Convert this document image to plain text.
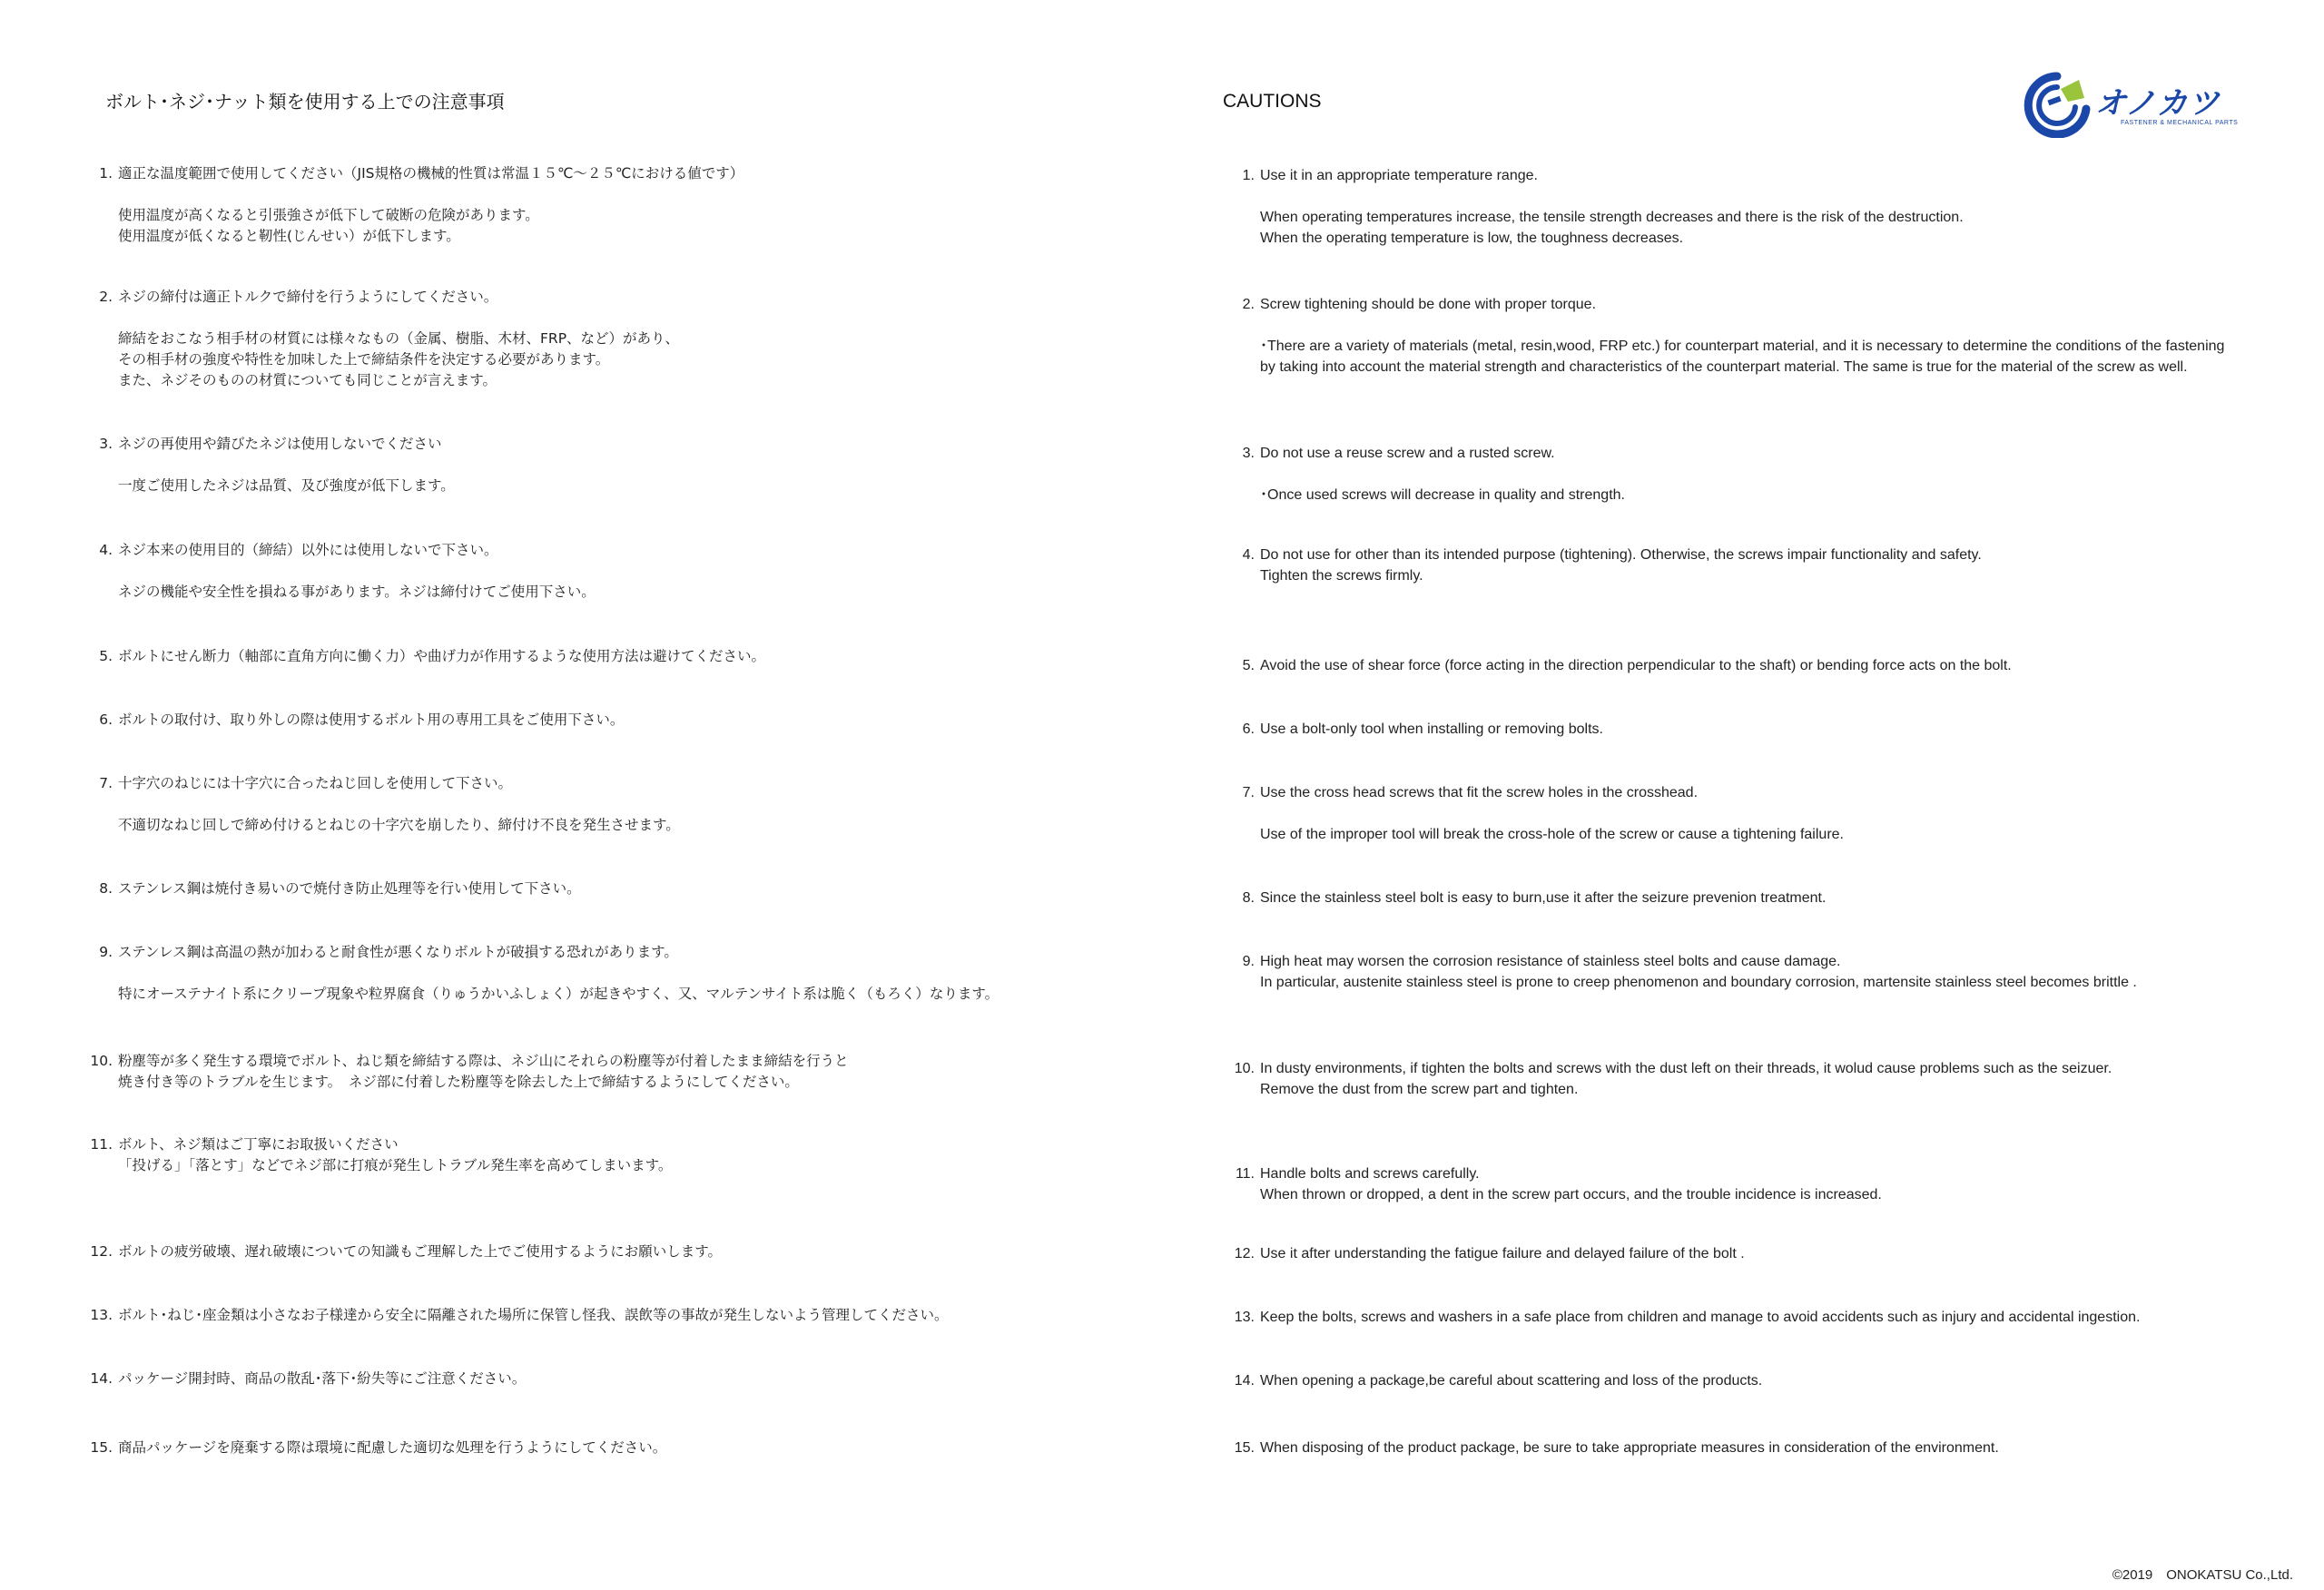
ボルト･ネジ･ナット類を使用する上での注意事項
1. 適正な温度範囲で使用してください（JIS規格の機械的性質は常温１５℃～２５℃における値です）
使用温度が高くなると引張強さが低下して破断の危険があります。
使用温度が低くなると靭性(じんせい）が低下します。
2. ネジの締付は適正トルクで締付を行うようにしてください。
締結をおこなう相手材の材質には様々なもの（金属、樹脂、木材、FRP、など）があり、
その相手材の強度や特性を加味した上で締結条件を決定する必要があります。
また、ネジそのものの材質についても同じことが言えます。
3. ネジの再使用や錆びたネジは使用しないでください
一度ご使用したネジは品質、及び強度が低下します。
4. ネジ本来の使用目的（締結）以外には使用しないで下さい。
ネジの機能や安全性を損ねる事があります。ネジは締付けてご使用下さい。
5. ボルトにせん断力（軸部に直角方向に働く力）や曲げ力が作用するような使用方法は避けてください。
6. ボルトの取付け、取り外しの際は使用するボルト用の専用工具をご使用下さい。
7. 十字穴のねじには十字穴に合ったねじ回しを使用して下さい。
不適切なねじ回しで締め付けるとねじの十字穴を崩したり、締付け不良を発生させます。
8. ステンレス鋼は焼付き易いので焼付き防止処理等を行い使用して下さい。
9. ステンレス鋼は高温の熱が加わると耐食性が悪くなりボルトが破損する恐れがあります。
特にオーステナイト系にクリープ現象や粒界腐食（りゅうかいふしょく）が起きやすく、又、マルテンサイト系は脆く（もろく）なります。
10. 粉塵等が多く発生する環境でボルト、ねじ類を締結する際は、ネジ山にそれらの粉塵等が付着したまま締結を行うと
焼き付き等のトラブルを生じます。　ネジ部に付着した粉塵等を除去した上で締結するようにしてください。
11. ボルト、ネジ類はご丁寧にお取扱いください
「投げる」「落とす」などでネジ部に打痕が発生しトラブル発生率を高めてしまいます。
12. ボルトの疲労破壊、遅れ破壊についての知識もご理解した上でご使用するようにお願いします。
13. ボルト･ねじ･座金類は小さなお子様達から安全に隔離された場所に保管し怪我、誤飲等の事故が発生しないよう管理してください。
14. パッケージ開封時、商品の散乱･落下･紛失等にご注意ください。
15. 商品パッケージを廃棄する際は環境に配慮した適切な処理を行うようにしてください。
CAUTIONS
1. Use it in an appropriate temperature range.
When operating temperatures increase, the tensile strength decreases and there is the risk of the destruction.
When the operating temperature is low, the toughness decreases.
2. Screw tightening should be done with proper torque.
･There are a variety of materials (metal, resin,wood, FRP etc.) for counterpart material, and it is necessary to determine the conditions of the fastening
by taking into account the material strength and characteristics of the counterpart material. The same is true for the material of the screw as well.
3. Do not use a reuse screw and a rusted screw.
･Once used screws will decrease in quality and strength.
4. Do not use for other than its intended purpose (tightening). Otherwise, the screws impair functionality and safety.
Tighten the screws firmly.
5. Avoid the use of shear force (force acting in the direction perpendicular to the shaft) or bending force acts on the bolt.
6. Use a bolt-only tool when installing or removing bolts.
7. Use the cross head screws that fit the screw holes in the crosshead.
Use of the improper tool will break the cross-hole of the screw or cause a tightening failure.
8. Since the stainless steel bolt is easy to burn,use it after the seizure prevenion treatment.
9. High heat may worsen the corrosion resistance of stainless steel bolts and cause damage.
In particular, austenite stainless steel is prone to creep phenomenon and boundary corrosion, martensite stainless steel becomes brittle .
10. In dusty environments, if tighten the bolts and screws with the dust left on their threads, it wolud cause problems such as the seizuer.
Remove the dust from the screw part and tighten.
11. Handle bolts and screws carefully.
When thrown or dropped, a dent in the screw part occurs, and the trouble incidence is increased.
12. Use it after understanding the fatigue failure and delayed failure of the bolt .
13. Keep the bolts, screws and washers in a safe place from children and manage to avoid accidents such as injury and accidental ingestion.
14. When opening a package,be careful about scattering and loss of the products.
15. When disposing of the product package, be sure to take appropriate measures in consideration of the environment.
オノカツ
FASTENER & MECHANICAL PARTS
©2019　ONOKATSU Co.,Ltd.
